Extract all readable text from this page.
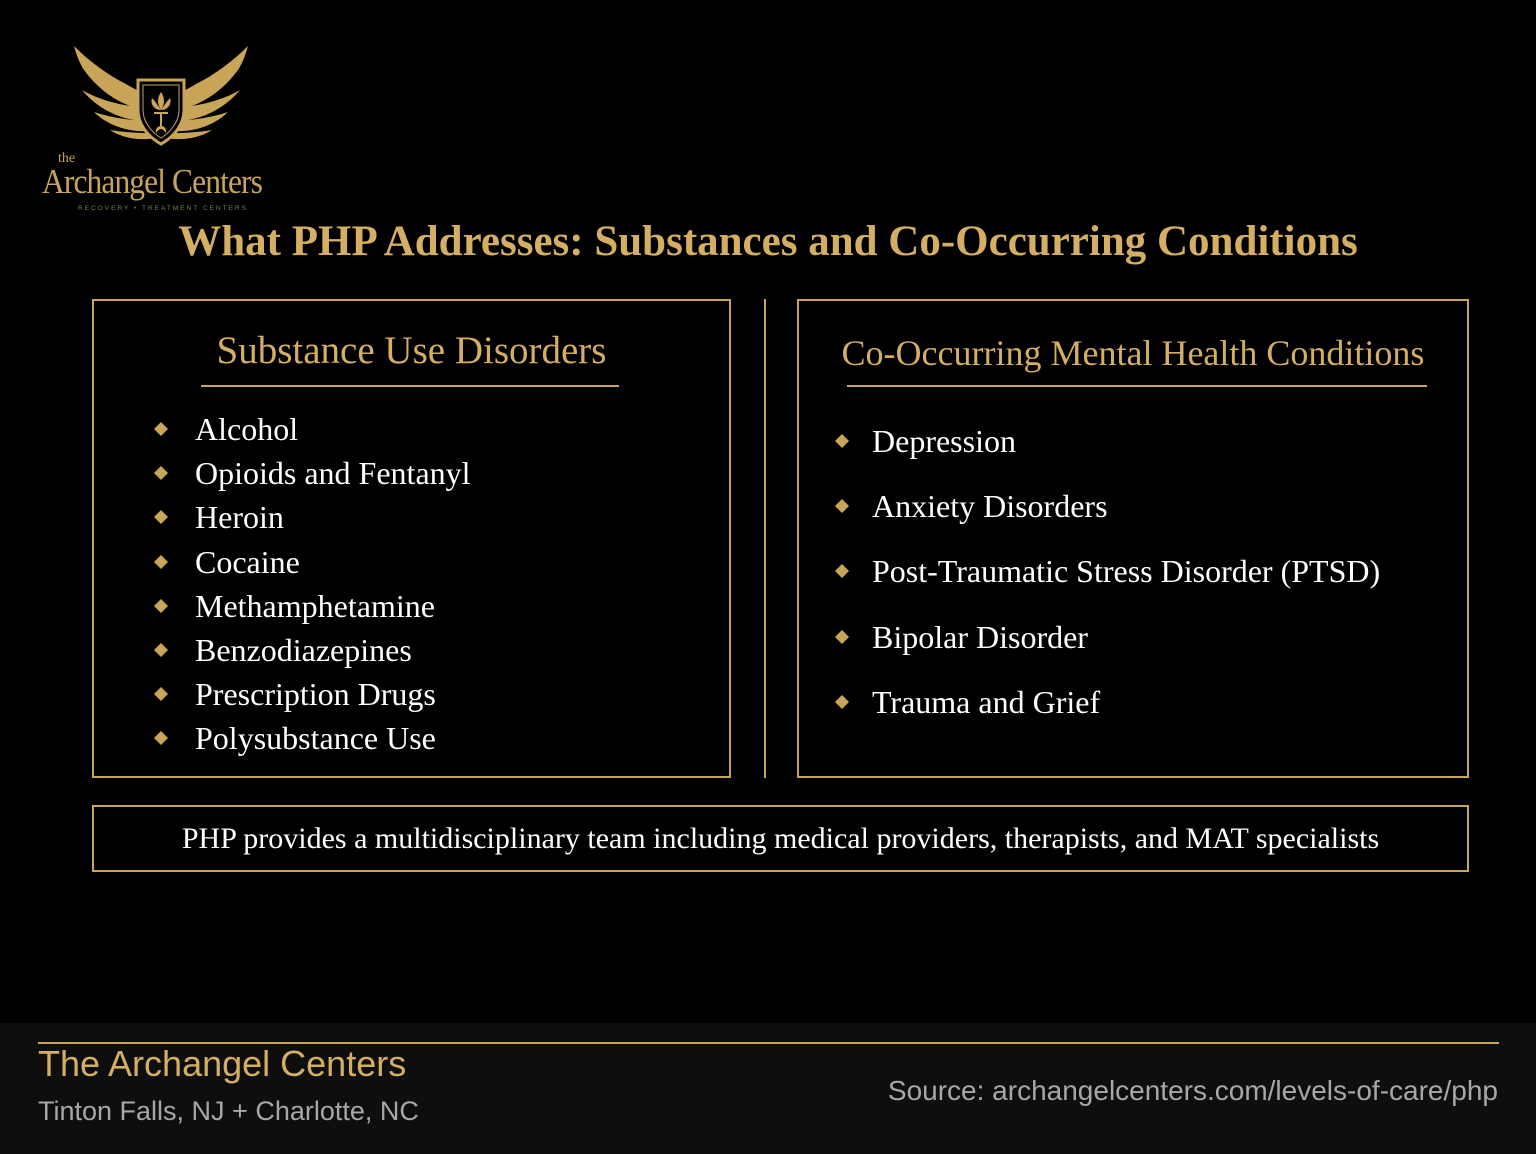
the
Archangel Centers
RECOVERY • TREATMENT CENTERS
What PHP Addresses: Substances and Co-Occurring Conditions
Substance Use Disorders
Alcohol
Opioids and Fentanyl
Heroin
Cocaine
Methamphetamine
Benzodiazepines
Prescription Drugs
Polysubstance Use
Co-Occurring Mental Health Conditions
Depression
Anxiety Disorders
Post-Traumatic Stress Disorder (PTSD)
Bipolar Disorder
Trauma and Grief
PHP provides a multidisciplinary team including medical providers, therapists, and MAT specialists
The Archangel Centers
Tinton Falls, NJ + Charlotte, NC
Source: archangelcenters.com/levels-of-care/php
